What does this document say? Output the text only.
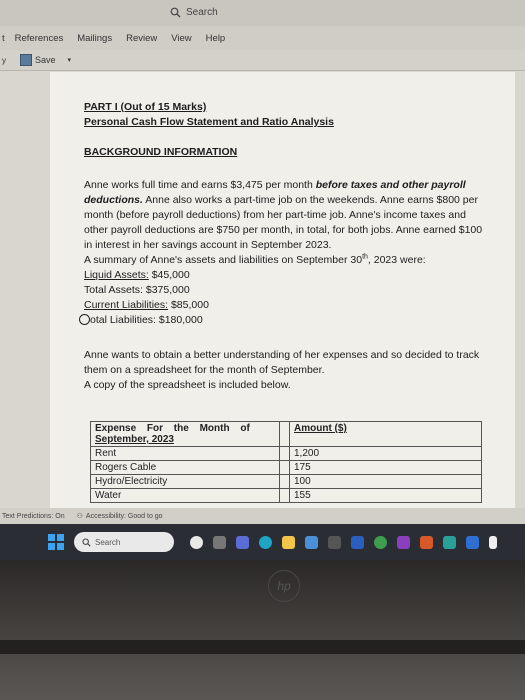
Search
t References Mailings Review View Help
y	Save ▾
PART I (Out of 15 Marks)
Personal Cash Flow Statement and Ratio Analysis
BACKGROUND INFORMATION

Anne works full time and earns $3,475 per month before taxes and other payroll deductions. Anne also works a part-time job on the weekends. Anne earns $800 per month (before payroll deductions) from her part-time job. Anne's income taxes and other payroll deductions are $750 per month, in total, for both jobs. Anne earned $100 in interest in her savings account in September 2023.

A summary of Anne's assets and liabilities on September 30th, 2023 were:
Liquid Assets: $45,000
Total Assets: $375,000
Current Liabilities: $85,000
otal Liabilities: $180,000

Anne wants to obtain a better understanding of her expenses and so decided to track them on a spreadsheet for the month of September.

A copy of the spreadsheet is included below.

Expense For the Month of
September, 2023		Amount ($)
Rent		1,200
Rogers Cable		175
Hydro/Electricity		100
Water		155
Text Predictions: On ⚇ Accessibility: Good to go
Search
hp
